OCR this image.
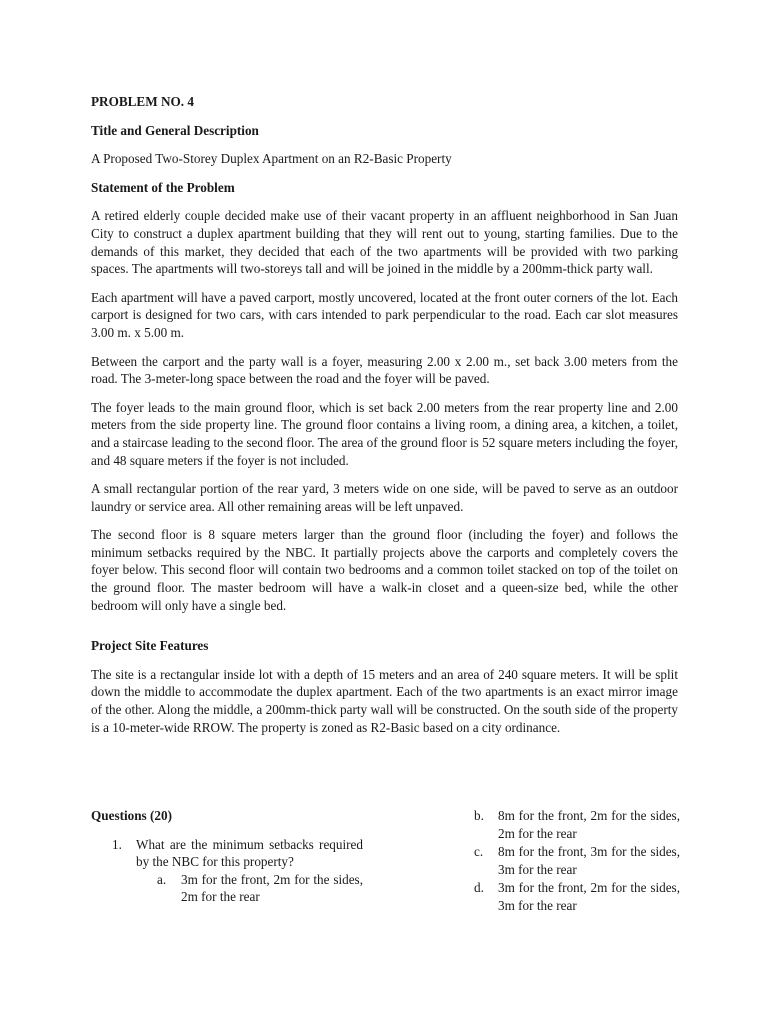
PROBLEM NO. 4
Title and General Description
A Proposed Two-Storey Duplex Apartment on an R2-Basic Property
Statement of the Problem
A retired elderly couple decided make use of their vacant property in an affluent neighborhood in San Juan City to construct a duplex apartment building that they will rent out to young, starting families. Due to the demands of this market, they decided that each of the two apartments will be provided with two parking spaces. The apartments will two-storeys tall and will be joined in the middle by a 200mm-thick party wall.
Each apartment will have a paved carport, mostly uncovered, located at the front outer corners of the lot. Each carport is designed for two cars, with cars intended to park perpendicular to the road. Each car slot measures 3.00 m. x 5.00 m.
Between the carport and the party wall is a foyer, measuring 2.00 x 2.00 m., set back 3.00 meters from the road. The 3-meter-long space between the road and the foyer will be paved.
The foyer leads to the main ground floor, which is set back 2.00 meters from the rear property line and 2.00 meters from the side property line. The ground floor contains a living room, a dining area, a kitchen, a toilet, and a staircase leading to the second floor. The area of the ground floor is 52 square meters including the foyer, and 48 square meters if the foyer is not included.
A small rectangular portion of the rear yard, 3 meters wide on one side, will be paved to serve as an outdoor laundry or service area. All other remaining areas will be left unpaved.
The second floor is 8 square meters larger than the ground floor (including the foyer) and follows the minimum setbacks required by the NBC. It partially projects above the carports and completely covers the foyer below. This second floor will contain two bedrooms and a common toilet stacked on top of the toilet on the ground floor. The master bedroom will have a walk-in closet and a queen-size bed, while the other bedroom will only have a single bed.
Project Site Features
The site is a rectangular inside lot with a depth of 15 meters and an area of 240 square meters. It will be split down the middle to accommodate the duplex apartment. Each of the two apartments is an exact mirror image of the other. Along the middle, a 200mm-thick party wall will be constructed. On the south side of the property is a 10-meter-wide RROW. The property is zoned as R2-Basic based on a city ordinance.
Questions (20)
1.	What are the minimum setbacks required by the NBC for this property?
a.	3m for the front, 2m for the sides, 2m for the rear
b.	8m for the front, 2m for the sides, 2m for the rear
c.	8m for the front, 3m for the sides, 3m for the rear
d.	3m for the front, 2m for the sides, 3m for the rear
